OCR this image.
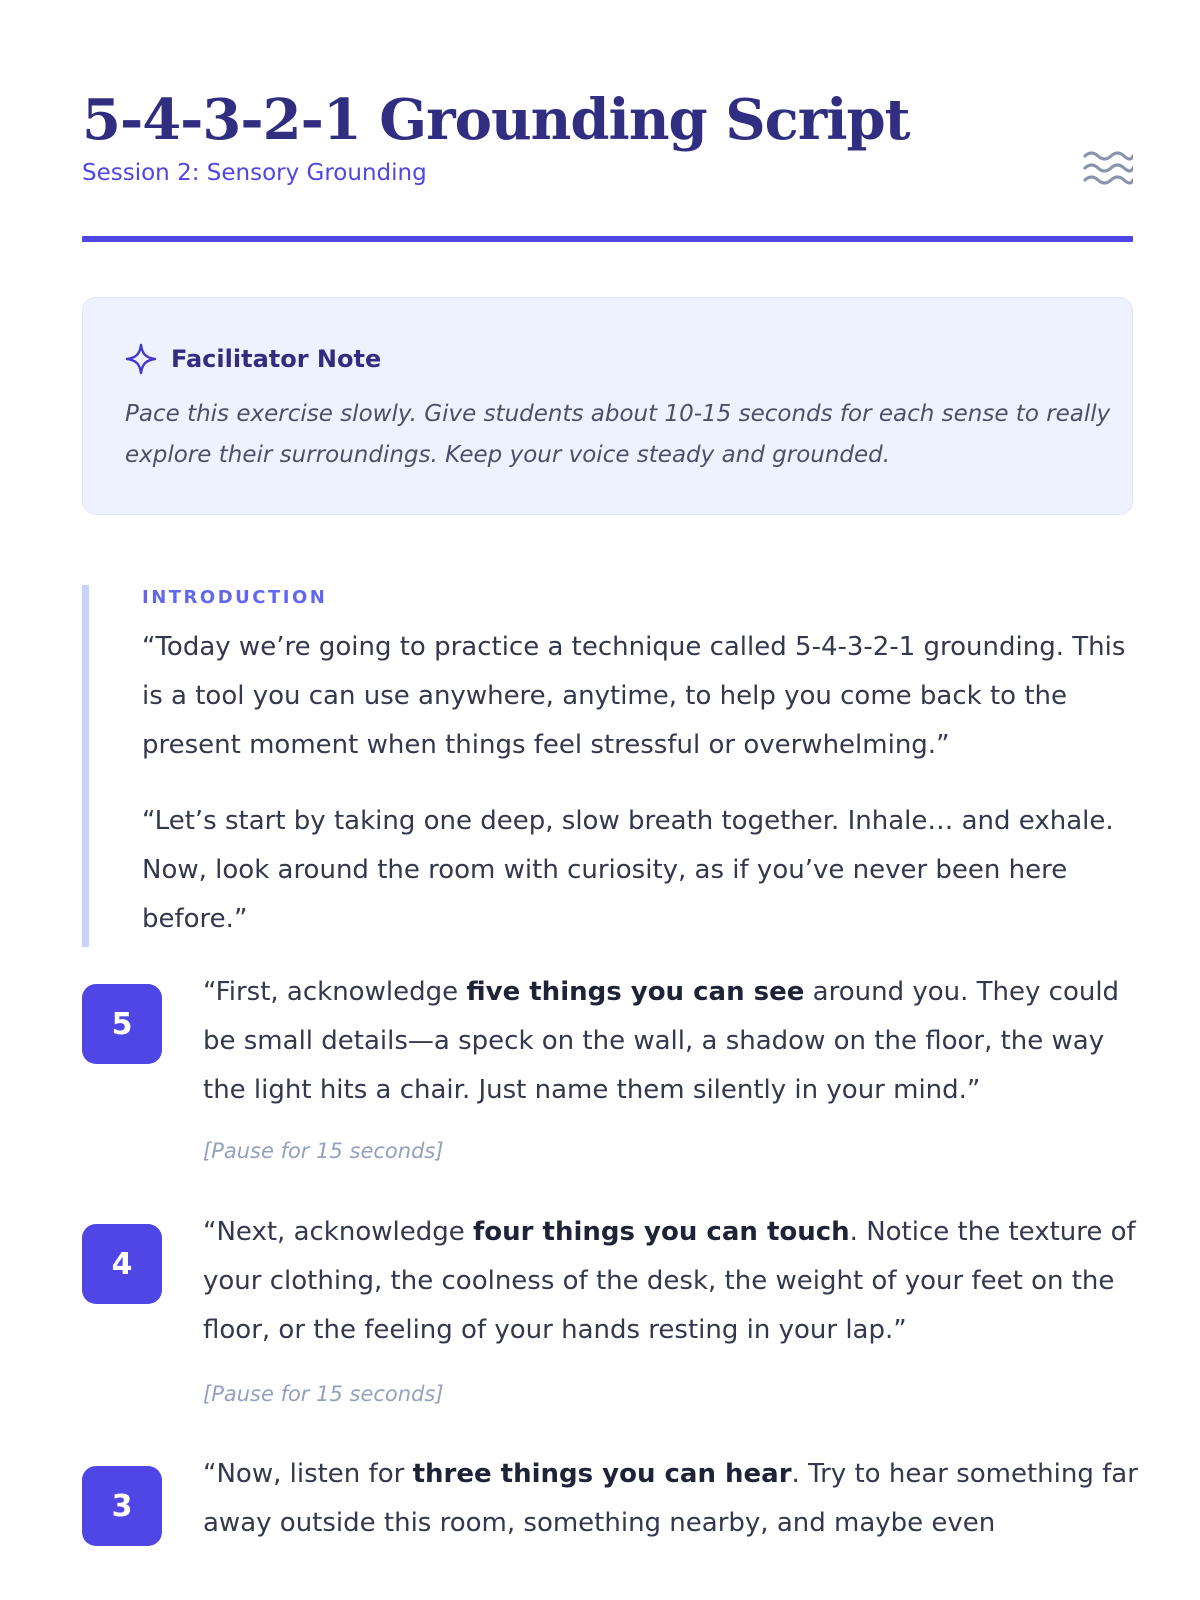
5-4-3-2-1 Grounding Script
Session 2: Sensory Grounding
Facilitator Note
Pace this exercise slowly. Give students about 10-15 seconds for each sense to really explore their surroundings. Keep your voice steady and grounded.
INTRODUCTION

“Today we’re going to practice a technique called 5-4-3-2-1 grounding. This is a tool you can use anywhere, anytime, to help you come back to the present moment when things feel stressful or overwhelming.”

“Let’s start by taking one deep, slow breath together. Inhale… and exhale. Now, look around the room with curiosity, as if you’ve never been here before.”

5

“First, acknowledge five things you can see around you. They could be small details—a speck on the wall, a shadow on the floor, the way the light hits a chair. Just name them silently in your mind.”

[Pause for 15 seconds]
4

“Next, acknowledge four things you can touch. Notice the texture of your clothing, the coolness of the desk, the weight of your feet on the floor, or the feeling of your hands resting in your lap.”

[Pause for 15 seconds]
3

“Now, listen for three things you can hear. Try to hear something far away outside this room, something nearby, and maybe even
